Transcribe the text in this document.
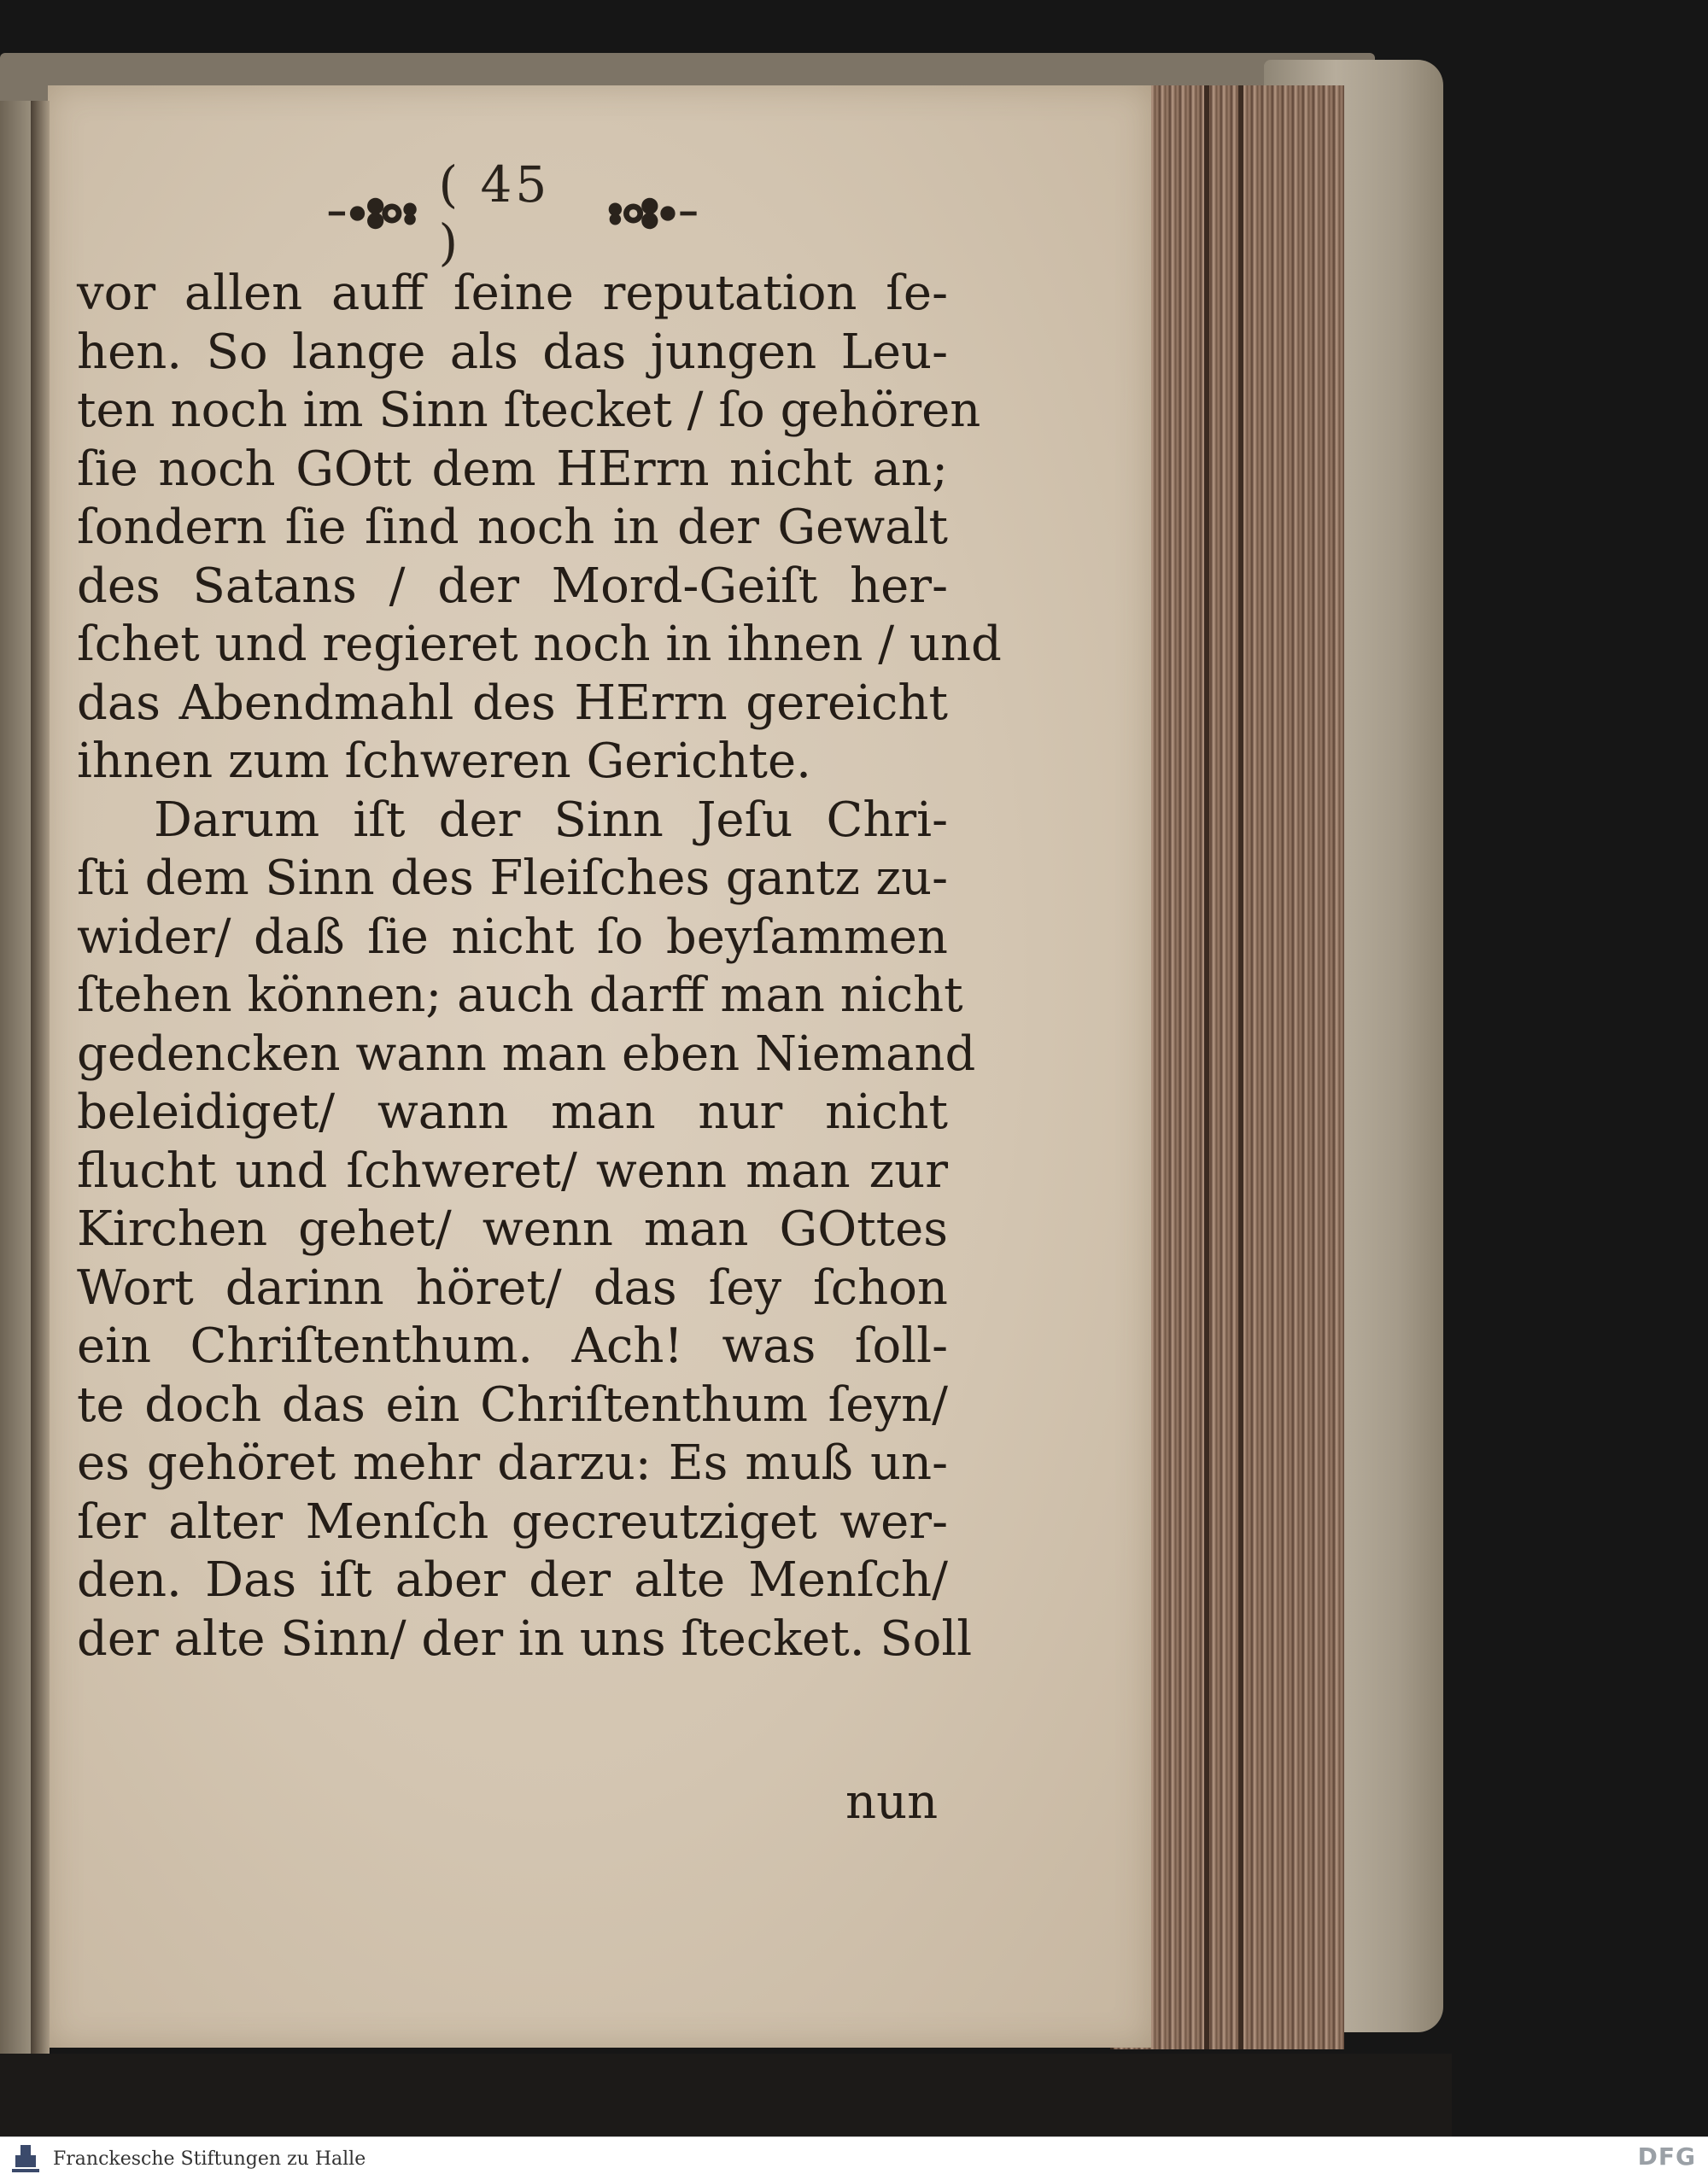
( 45 )
vor allen auff ſeine reputation ſe-
hen. So lange als das jungen Leu-
ten noch im Sinn ſtecket / ſo gehören
ſie noch GOtt dem HErrn nicht an;
ſondern ſie ſind noch in der Gewalt
des Satans / der Mord-Geiſt her-
ſchet und regieret noch in ihnen / und
das Abendmahl des HErrn gereicht
ihnen zum ſchweren Gerichte.
Darum iſt der Sinn Jeſu Chri-
ſti dem Sinn des Fleiſches gantz zu-
wider/ daß ſie nicht ſo beyſammen
ſtehen können; auch darff man nicht
gedencken wann man eben Niemand
beleidiget/ wann man nur nicht
flucht und ſchweret/ wenn man zur
Kirchen gehet/ wenn man GOttes
Wort darinn höret/ das ſey ſchon
ein Chriſtenthum. Ach! was ſoll-
te doch das ein Chriſtenthum ſeyn/
es gehöret mehr darzu: Es muß un-
ſer alter Menſch gecreutziget wer-
den. Das iſt aber der alte Menſch/
der alte Sinn/ der in uns ſtecket. Soll
nun
Franckesche Stiftungen zu Halle	DFG
